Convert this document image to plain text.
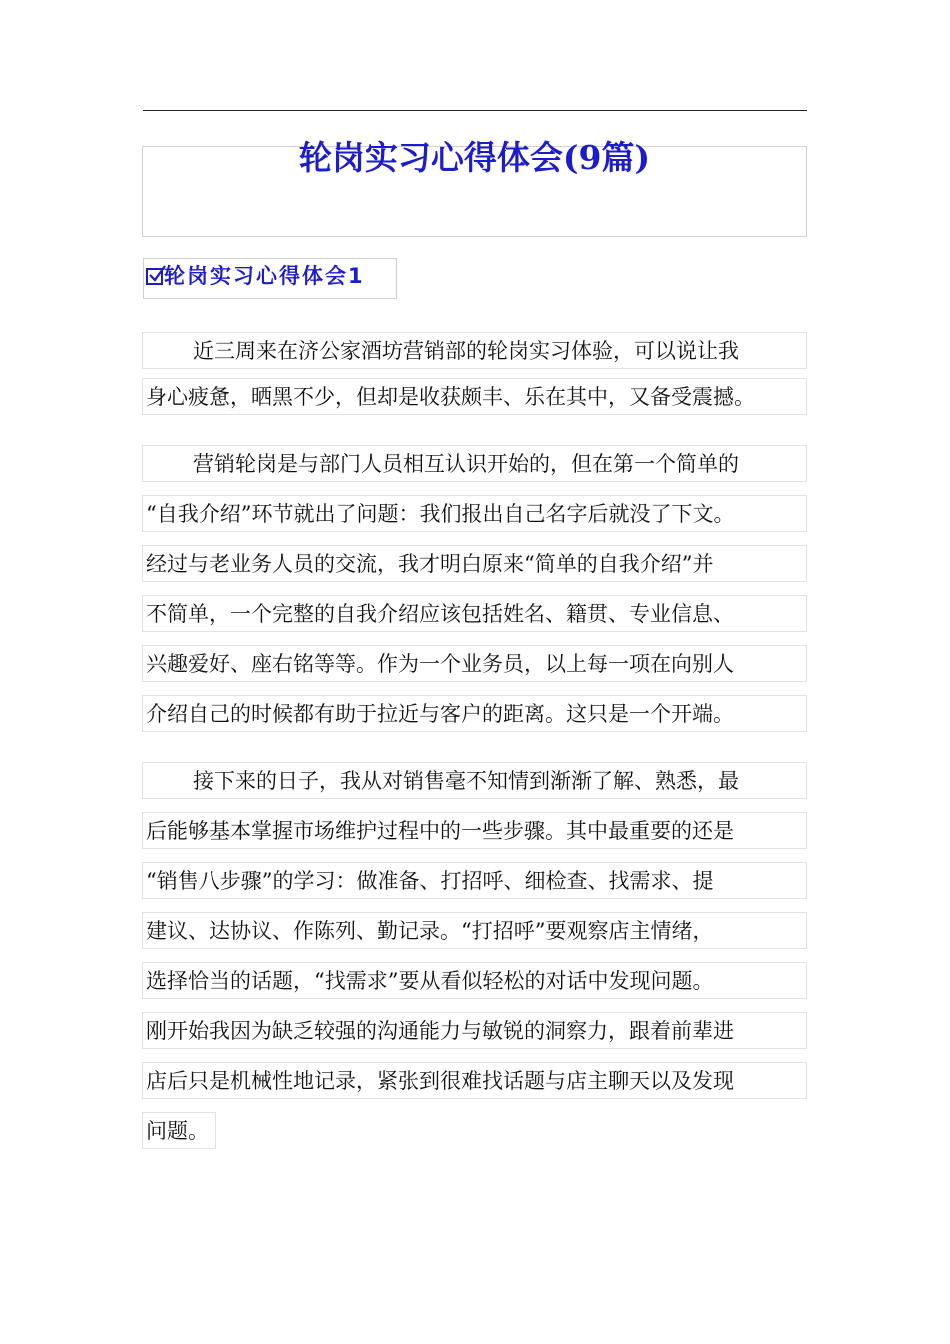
轮岗实习心得体会(9篇)
轮岗实习心得体会1
近三周来在济公家酒坊营销部的轮岗实习体验，可以说让我
身心疲惫，晒黑不少，但却是收获颇丰、乐在其中，又备受震撼。
营销轮岗是与部门人员相互认识开始的，但在第一个简单的
“自我介绍”环节就出了问题：我们报出自己名字后就没了下文。
经过与老业务人员的交流，我才明白原来“简单的自我介绍”并
不简单，一个完整的自我介绍应该包括姓名、籍贯、专业信息、
兴趣爱好、座右铭等等。作为一个业务员，以上每一项在向别人
介绍自己的时候都有助于拉近与客户的距离。这只是一个开端。
接下来的日子，我从对销售毫不知情到渐渐了解、熟悉，最
后能够基本掌握市场维护过程中的一些步骤。其中最重要的还是
“销售八步骤”的学习：做准备、打招呼、细检查、找需求、提
建议、达协议、作陈列、勤记录。“打招呼”要观察店主情绪，
选择恰当的话题，“找需求”要从看似轻松的对话中发现问题。
刚开始我因为缺乏较强的沟通能力与敏锐的洞察力，跟着前辈进
店后只是机械性地记录，紧张到很难找话题与店主聊天以及发现
问题。
